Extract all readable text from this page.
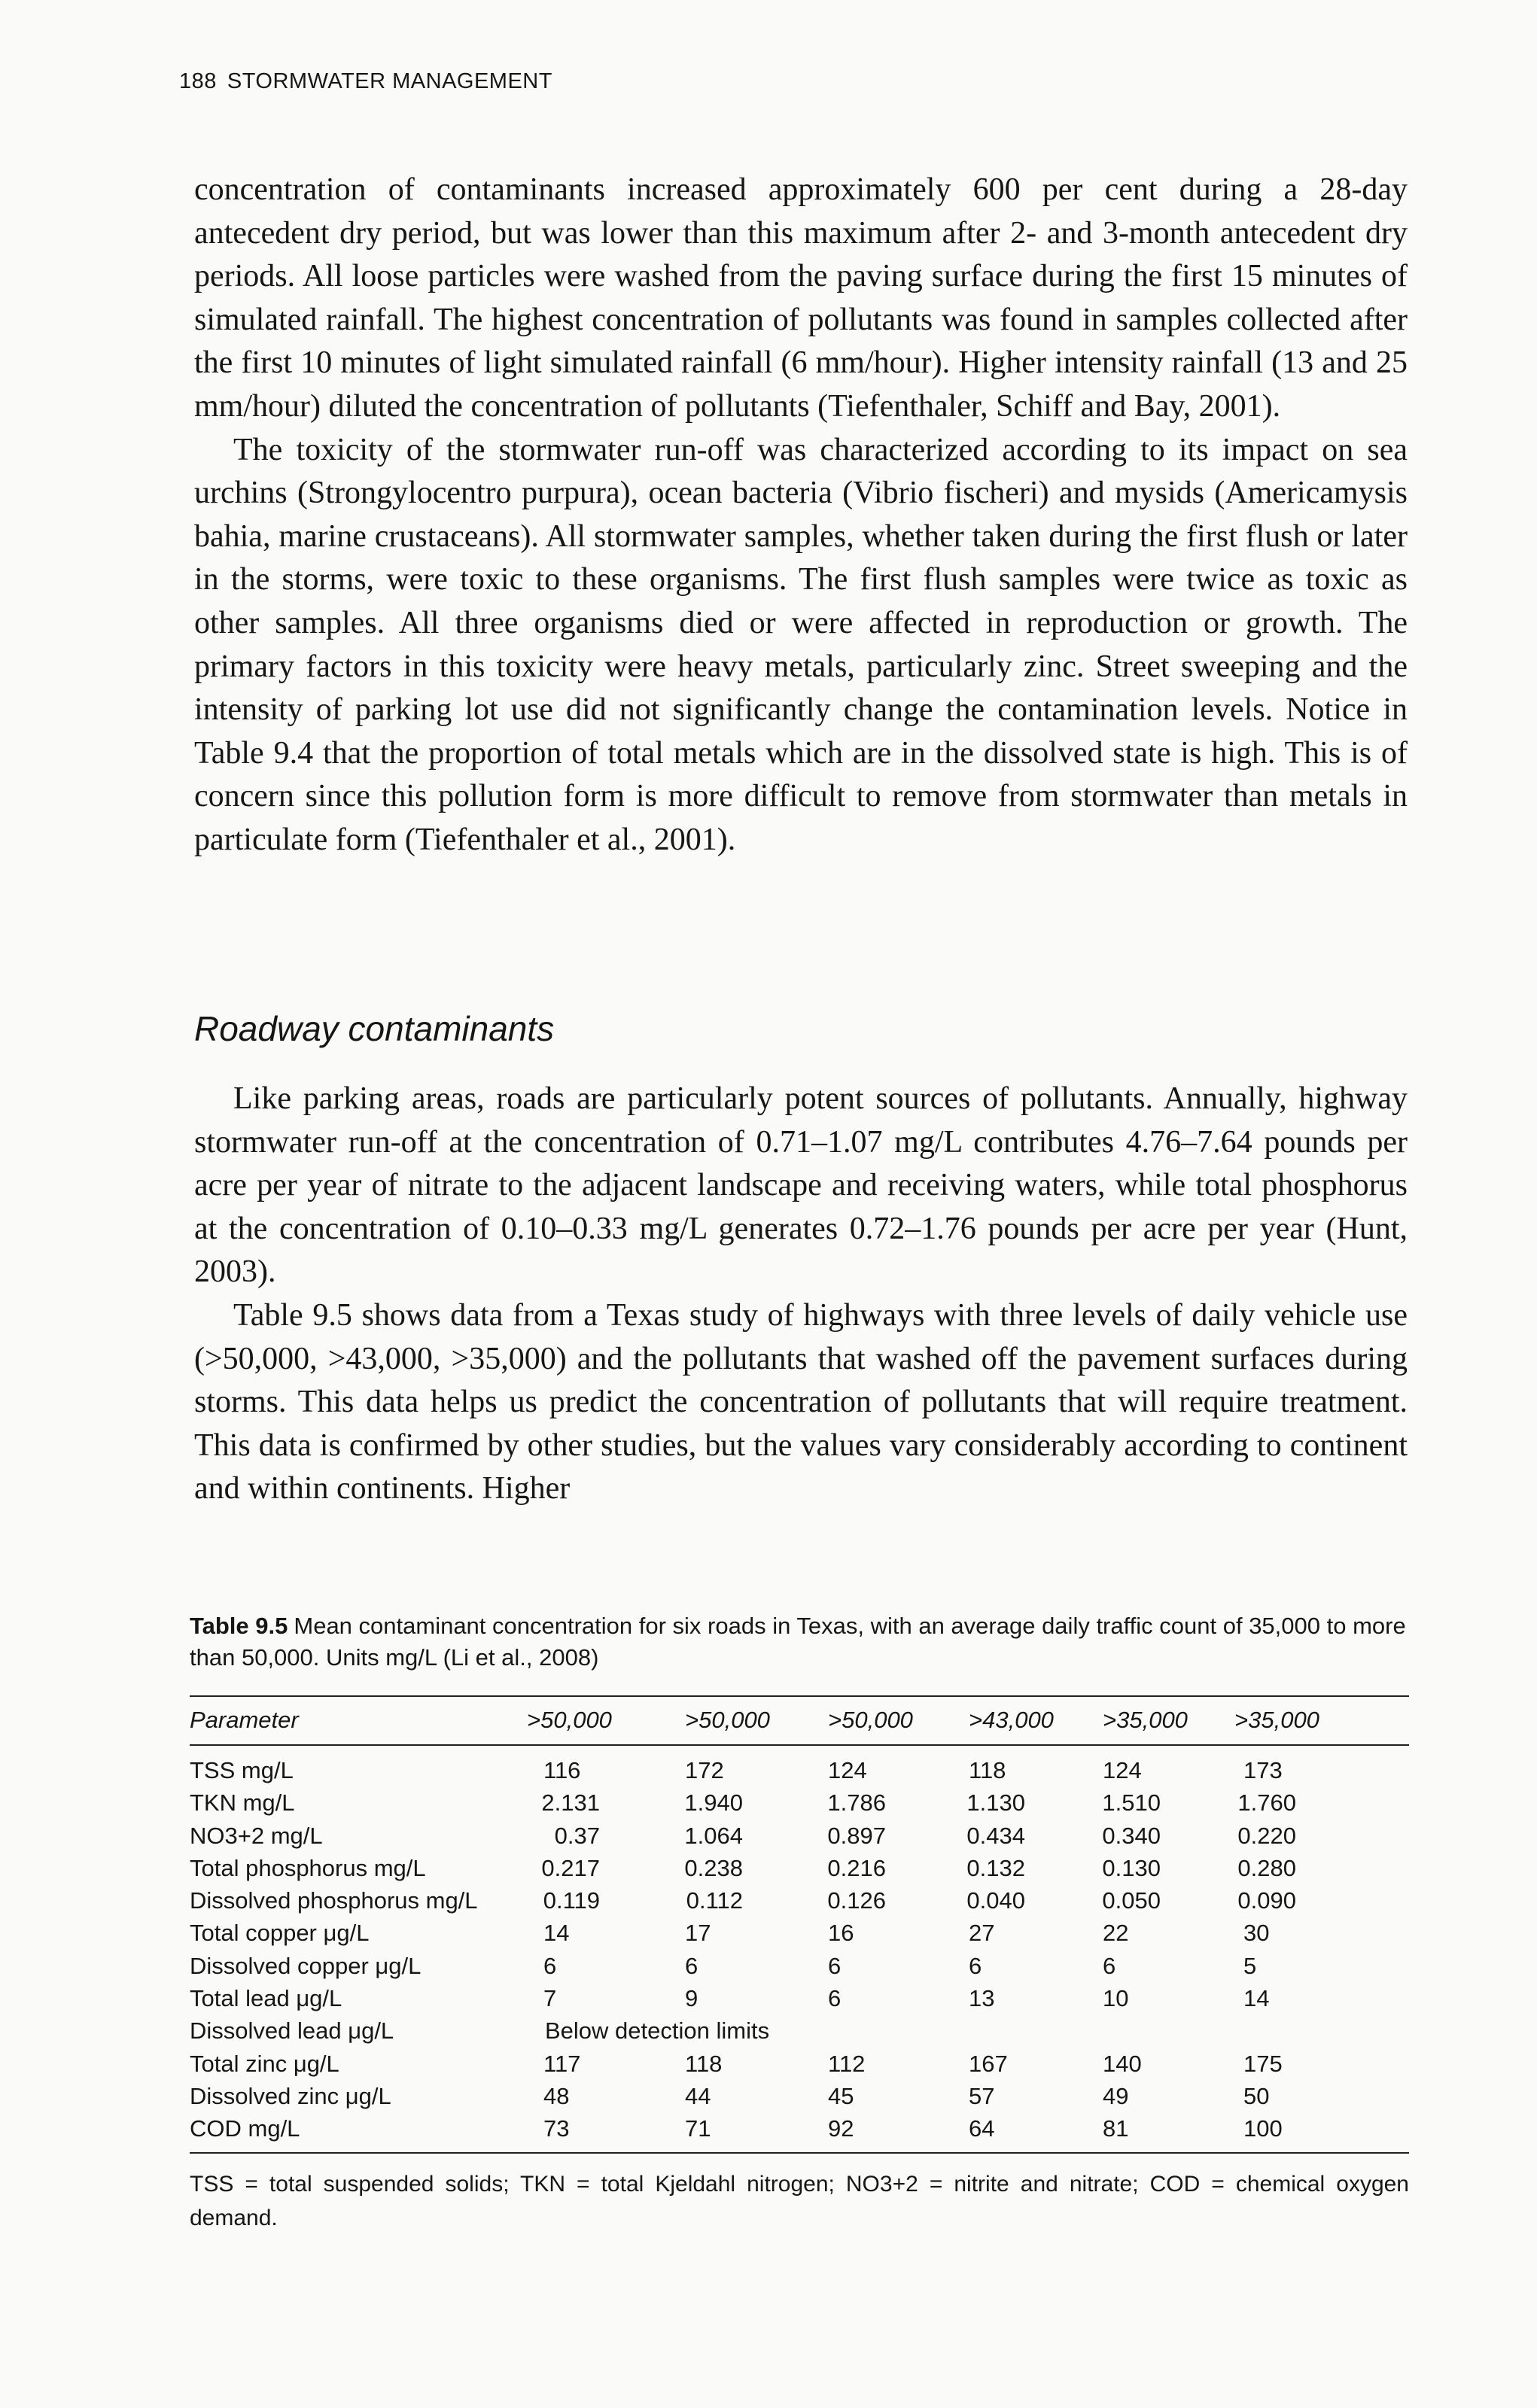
188 STORMWATER MANAGEMENT

concentration of contaminants increased approximately 600 per cent during a 28-day antecedent dry period, but was lower than this maximum after 2- and 3-month antecedent dry periods. All loose particles were washed from the paving surface during the first 15 minutes of simulated rainfall. The highest concentration of pollutants was found in samples collected after the first 10 minutes of light simulated rainfall (6 mm/hour). Higher intensity rainfall (13 and 25 mm/hour) diluted the concentration of pollutants (Tiefenthaler, Schiff and Bay, 2001).

The toxicity of the stormwater run-off was characterized according to its impact on sea urchins (Strongylocentro purpura), ocean bacteria (Vibrio fischeri) and mysids (Americamysis bahia, marine crustaceans). All stormwater samples, whether taken during the first flush or later in the storms, were toxic to these organisms. The first flush samples were twice as toxic as other samples. All three organisms died or were affected in reproduction or growth. The primary factors in this toxicity were heavy metals, particularly zinc. Street sweeping and the intensity of parking lot use did not significantly change the contamination levels. Notice in Table 9.4 that the proportion of total metals which are in the dissolved state is high. This is of concern since this pollution form is more difficult to remove from stormwater than metals in particulate form (Tiefenthaler et al., 2001).

Roadway contaminants

Like parking areas, roads are particularly potent sources of pollutants. Annually, highway stormwater run-off at the concentration of 0.71–1.07 mg/L contributes 4.76–7.64 pounds per acre per year of nitrate to the adjacent landscape and receiving waters, while total phosphorus at the concentration of 0.10–0.33 mg/L generates 0.72–1.76 pounds per acre per year (Hunt, 2003).

Table 9.5 shows data from a Texas study of highways with three levels of daily vehicle use (>50,000, >43,000, >35,000) and the pollutants that washed off the pavement surfaces during storms. This data helps us predict the concentration of pollutants that will require treatment. This data is confirmed by other studies, but the values vary considerably according to continent and within continents. Higher

Table 9.5 Mean contaminant concentration for six roads in Texas, with an average daily traffic count of 35,000 to more than 50,000. Units mg/L (Li et al., 2008)
Parameter	>50,000	>50,000 >50,000 >43,000 >35,000 >35,000
TSS mg/L	116	172	124	118	124	173
TKN mg/L	2.131	1.940	1.786	1.130	1.510	1.760
NO3+2 mg/L	0.37	1.064	0.897	0.434	0.340	0.220
Total phosphorus mg/L	0.217	0.238	0.216	0.132	0.130	0.280
Dissolved phosphorus mg/L	0.119	0.112	0.126	0.040	0.050	0.090
Total copper μg/L	14	17	16	27	22	30
Dissolved copper μg/L	6	6	6	6	6	5
Total lead μg/L	7	9	6	13	10	14
Dissolved lead μg/L	Below detection limits
Total zinc μg/L	117	118	112	167	140	175
Dissolved zinc μg/L	48	44	45	57	49	50
COD mg/L	73	71	92	64	81	100
TSS = total suspended solids; TKN = total Kjeldahl nitrogen; NO3+2 = nitrite and nitrate; COD = chemical oxygen demand.
